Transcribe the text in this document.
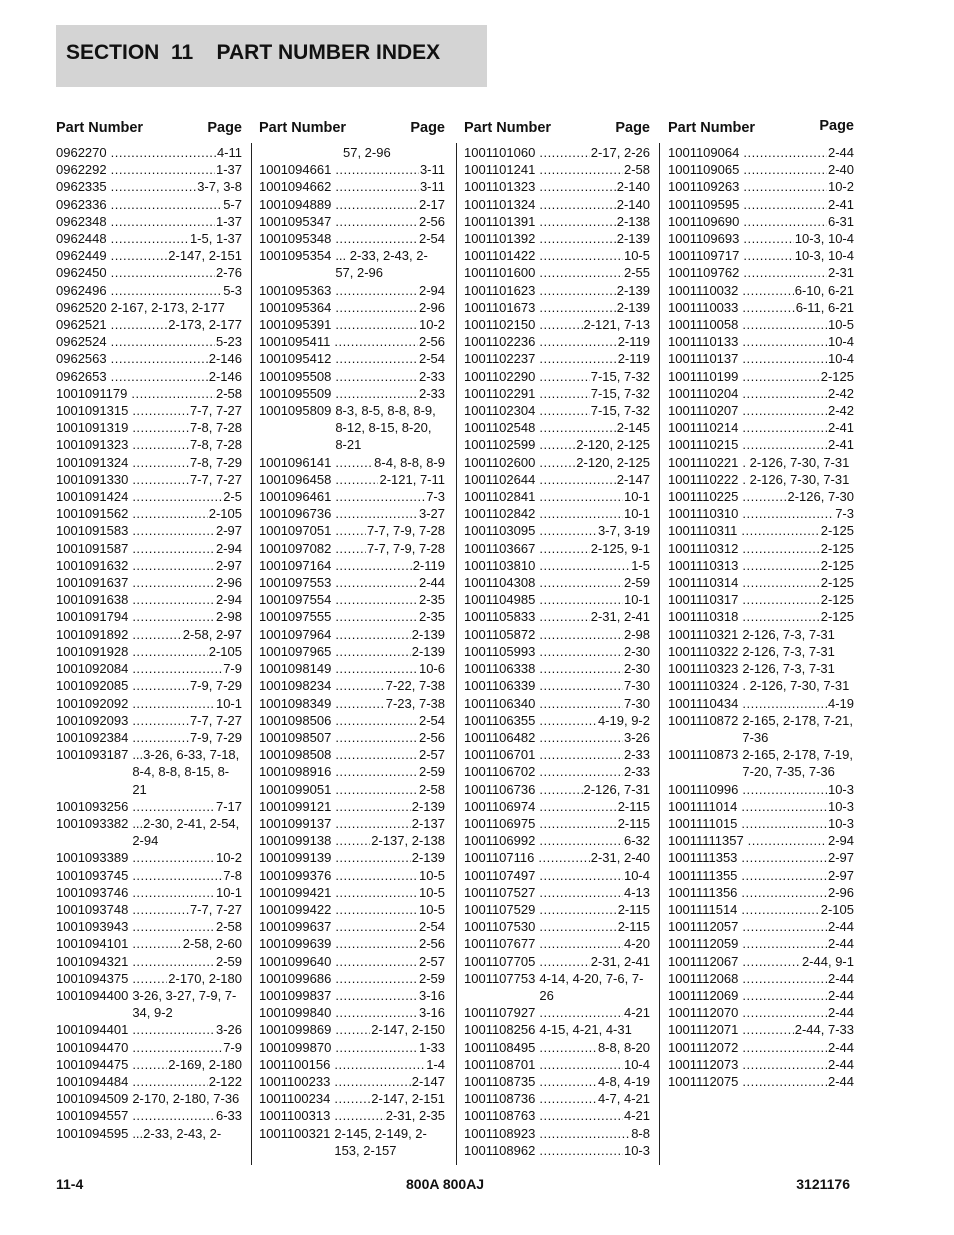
SECTION  11    PART NUMBER INDEX
Part Number	Page
0962270 .....	4-11
0962292 .....	1-37
0962335 .....	3-7, 3-8
0962336 .....	5-7
0962348 .....	1-37
0962448 .....	1-5, 1-37
0962449 .....	2-147, 2-151
0962450 .....	2-76
0962496 .....	5-3
0962520 2-167, 2-173, 2-177
0962521 .....	2-173, 2-177
0962524 .....	5-23
0962563 .....	2-146
0962653 .....	2-146
1001091179 .....	2-58
1001091315 .....	7-7, 7-27
1001091319 .....	7-8, 7-28
1001091323 .....	7-8, 7-28
1001091324 .....	7-8, 7-29
1001091330 .....	7-7, 7-27
1001091424 .....	2-5
1001091562 .....	2-105
1001091583 .....	2-97
1001091587 .....	2-94
1001091632 .....	2-97
1001091637 .....	2-96
1001091638 .....	2-94
1001091794 .....	2-98
1001091892 .....	2-58, 2-97
1001091928 .....	2-105
1001092084 .....	7-9
1001092085 .....	7-9, 7-29
1001092092 .....	10-1
1001092093 .....	7-7, 7-27
1001092384 .....	7-9, 7-29
1001093187 ...3-26, 6-33, 7-18, 8-4, 8-8, 8-15, 8-21
1001093256 .....	7-17
1001093382 ...2-30, 2-41, 2-54, 2-94
1001093389 .....	10-2
1001093745 .....	7-8
1001093746 .....	10-1
1001093748 .....	7-7, 7-27
1001093943 .....	2-58
1001094101 .....	2-58, 2-60
1001094321 .....	2-59
1001094375 .....	2-170, 2-180
1001094400 3-26, 3-27, 7-9, 7-34, 9-2
1001094401 .....	3-26
1001094470 .....	7-9
1001094475 .....	2-169, 2-180
1001094484 .....	2-122
1001094509 2-170, 2-180, 7-36
1001094557 .....	6-33
1001094595 ...2-33, 2-43, 2-
Part Number	Page
57, 2-96
1001094661 .....	3-11
1001094662 .....	3-11
1001094889 .....	2-17
1001095347 .....	2-56
1001095348 .....	2-54
1001095354 ... 2-33, 2-43, 2-57, 2-96
1001095363 .....	2-94
1001095364 .....	2-96
1001095391 .....	10-2
1001095411 .....	2-56
1001095412 .....	2-54
1001095508 .....	2-33
1001095509 .....	2-33
1001095809 8-3, 8-5, 8-8, 8-9, 8-12, 8-15, 8-20, 8-21
1001096141 .....	8-4, 8-8, 8-9
1001096458 .....	2-121, 7-11
1001096461 .....	7-3
1001096736 .....	3-27
1001097051 .....	7-7, 7-9, 7-28
1001097082 .....	7-7, 7-9, 7-28
1001097164 .....	2-119
1001097553 .....	2-44
1001097554 .....	2-35
1001097555 .....	2-35
1001097964 .....	2-139
1001097965 .....	2-139
1001098149 .....	10-6
1001098234 .....	7-22, 7-38
1001098349 .....	7-23, 7-38
1001098506 .....	2-54
1001098507 .....	2-56
1001098508 .....	2-57
1001098916 .....	2-59
1001099051 .....	2-58
1001099121 .....	2-139
1001099137 .....	2-137
1001099138 .....	2-137, 2-138
1001099139 .....	2-139
1001099376 .....	10-5
1001099421 .....	10-5
1001099422 .....	10-5
1001099637 .....	2-54
1001099639 .....	2-56
1001099640 .....	2-57
1001099686 .....	2-59
1001099837 .....	3-16
1001099840 .....	3-16
1001099869 .....	2-147, 2-150
1001099870 .....	1-33
1001100156 .....	1-4
1001100233 .....	2-147
1001100234 .....	2-147, 2-151
1001100313 .....	2-31, 2-35
1001100321 2-145, 2-149, 2-153, 2-157
Part Number	Page
1001101060 .....	2-17, 2-26
1001101241 .....	2-58
1001101323 .....	2-140
1001101324 .....	2-140
1001101391 .....	2-138
1001101392 .....	2-139
1001101422 .....	10-5
1001101600 .....	2-55
1001101623 .....	2-139
1001101673 .....	2-139
1001102150 .....	2-121, 7-13
1001102236 .....	2-119
1001102237 .....	2-119
1001102290 .....	7-15, 7-32
1001102291 .....	7-15, 7-32
1001102304 .....	7-15, 7-32
1001102548 .....	2-145
1001102599 .....	2-120, 2-125
1001102600 .....	2-120, 2-125
1001102644 .....	2-147
1001102841 .....	10-1
1001102842 .....	10-1
1001103095 .....	3-7, 3-19
1001103667 .....	2-125, 9-1
1001103810 .....	1-5
1001104308 .....	2-59
1001104985 .....	10-1
1001105833 .....	2-31, 2-41
1001105872 .....	2-98
1001105993 .....	2-30
1001106338 .....	2-30
1001106339 .....	7-30
1001106340 .....	7-30
1001106355 .....	4-19, 9-2
1001106482 .....	3-26
1001106701 .....	2-33
1001106702 .....	2-33
1001106736 .....	2-126, 7-31
1001106974 .....	2-115
1001106975 .....	2-115
1001106992 .....	6-32
1001107116 .....	2-31, 2-40
1001107497 .....	10-4
1001107527 .....	4-13
1001107529 .....	2-115
1001107530 .....	2-115
1001107677 .....	4-20
1001107705 .....	2-31, 2-41
1001107753 4-14, 4-20, 7-6, 7-26
1001107927 .....	4-21
1001108256 4-15, 4-21, 4-31
1001108495 .....	8-8, 8-20
1001108701 .....	10-4
1001108735 .....	4-8, 4-19
1001108736 .....	4-7, 4-21
1001108763 .....	4-21
1001108923 .....	8-8
1001108962 .....	10-3
Part Number	Page
1001109064 .....	2-44
1001109065 .....	2-40
1001109263 .....	10-2
1001109595 .....	2-41
1001109690 .....	6-31
1001109693 .....	10-3, 10-4
1001109717 .....	10-3, 10-4
1001109762 .....	2-31
1001110032 .....	6-10, 6-21
1001110033 .....	6-11, 6-21
1001110058 .....	10-5
1001110133 .....	10-4
1001110137 .....	10-4
1001110199 .....	2-125
1001110204 .....	2-42
1001110207 .....	2-42
1001110214 .....	2-41
1001110215 .....	2-41
1001110221 . 2-126, 7-30, 7-31
1001110222 . 2-126, 7-30, 7-31
1001110225 .....	2-126, 7-30
1001110310 .....	7-3
1001110311 .....	2-125
1001110312 .....	2-125
1001110313 .....	2-125
1001110314 .....	2-125
1001110317 .....	2-125
1001110318 .....	2-125
1001110321 2-126, 7-3, 7-31
1001110322 2-126, 7-3, 7-31
1001110323 2-126, 7-3, 7-31
1001110324 . 2-126, 7-30, 7-31
1001110434 .....	4-19
1001110872 2-165, 2-178, 7-21, 7-36
1001110873 2-165, 2-178, 7-19, 7-20, 7-35, 7-36
1001110996 .....	10-3
1001111014 .....	10-3
1001111015 .....	10-3
10011111357 .....	2-94
1001111353 .....	2-97
1001111355 .....	2-97
1001111356 .....	2-96
1001111514 .....	2-105
1001112057 .....	2-44
1001112059 .....	2-44
1001112067 .....	2-44, 9-1
1001112068 .....	2-44
1001112069 .....	2-44
1001112070 .....	2-44
1001112071 .....	2-44, 7-33
1001112072 .....	2-44
1001112073 .....	2-44
1001112075 .....	2-44
11-4	800A 800AJ	3121176
